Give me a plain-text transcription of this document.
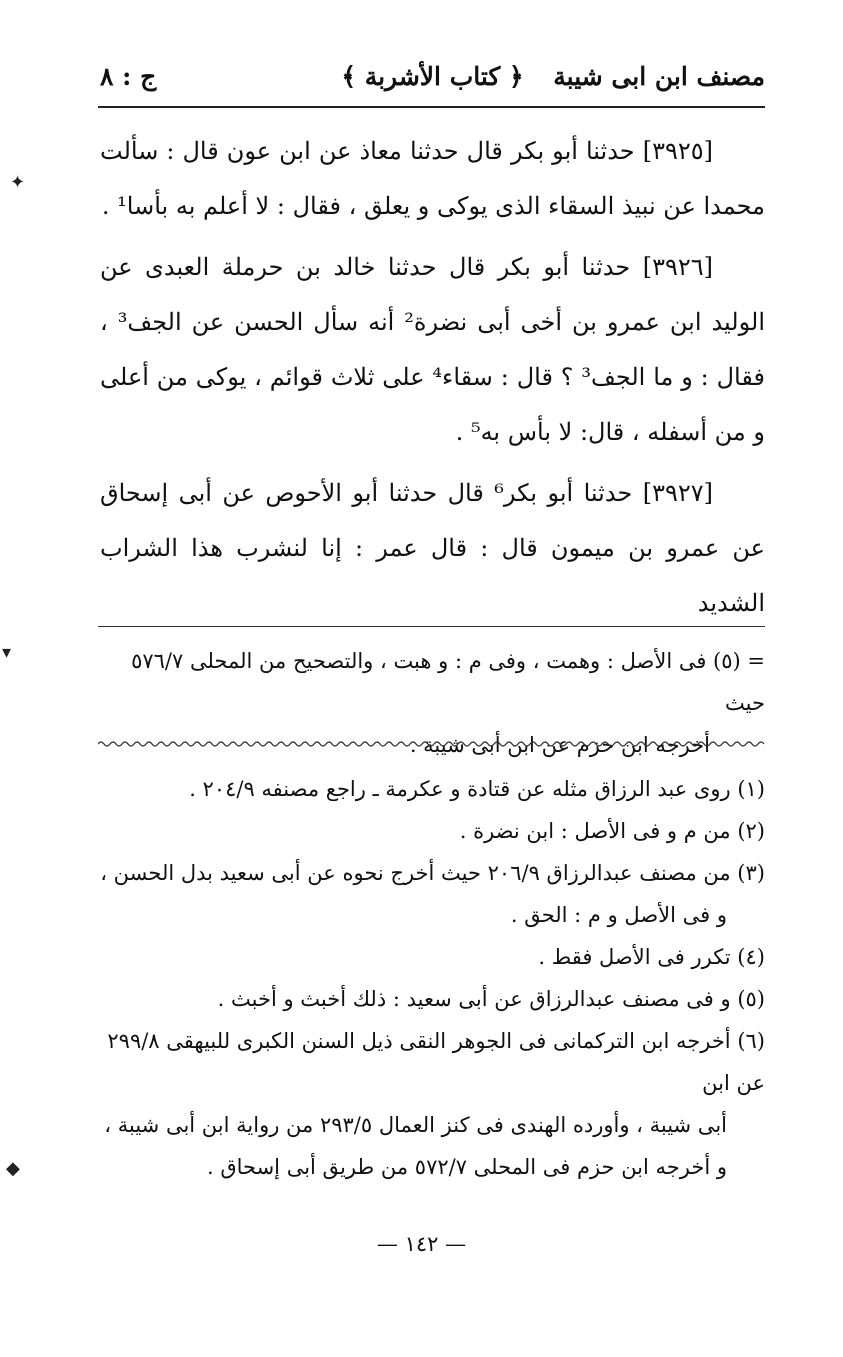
مصنف ابن ابى شيبة
﴿ كتاب الأشربة ﴾
ج : ٨

[٣٩٢٥] حدثنا أبو بكر قال حدثنا معاذ عن ابن عون قال : سألت محمدا عن نبيذ السقاء الذى يوكى و يعلق ، فقال : لا أعلم به بأسا¹ .

[٣٩٢٦] حدثنا أبو بكر قال حدثنا خالد بن حرملة العبدى عن الوليد ابن عمرو بن أخى أبى نضرة² أنه سأل الحسن عن الجف³ ، فقال : و ما الجف³ ؟ قال : سقاء⁴ على ثلاث قوائم ، يوكى من أعلى و من أسفله ، قال: لا بأس به⁵ .

[٣٩٢٧] حدثنا أبو بكر⁶ قال حدثنا أبو الأحوص عن أبى إسحاق عن عمرو بن ميمون قال : قال عمر : إنا لنشرب هذا الشراب الشديد

= (٥) فى الأصل : وهمت ، وفى م : و هبت ، والتصحيح من المحلى ٥٧٦/٧ حيث

أخرجه ابن حزم عن ابن أبى شيبة .

(١) روى عبد الرزاق مثله عن قتادة و عكرمة ـ راجع مصنفه ٢٠٤/٩ .

(٢) من م و فى الأصل : ابن نضرة .

(٣) من مصنف عبدالرزاق ٢٠٦/٩ حيث أخرج نحوه عن أبى سعيد بدل الحسن ،

و فى الأصل و م : الحق .

(٤) تكرر فى الأصل فقط .

(٥) و فى مصنف عبدالرزاق عن أبى سعيد : ذلك أخبث و أخبث .

(٦) أخرجه ابن التركمانى فى الجوهر النقى ذيل السنن الكبرى للبيهقى ٢٩٩/٨ عن ابن

أبى شيبة ، وأورده الهندى فى كنز العمال ٢٩٣/٥ من رواية ابن أبى شيبة ،

و أخرجه ابن حزم فى المحلى ٥٧٢/٧ من طريق أبى إسحاق .

— ١٤٢ —
✦
▾
◆
